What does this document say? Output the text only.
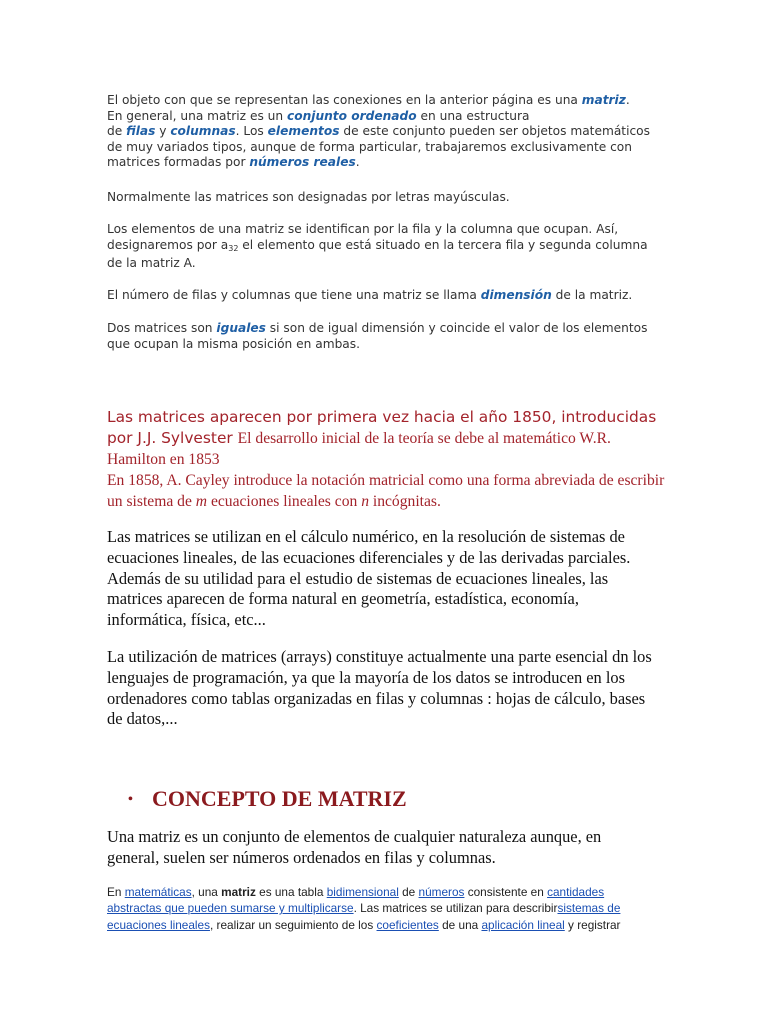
El objeto con que se representan las conexiones en la anterior página es una matriz.
En general, una matriz es un conjunto ordenado en una estructura
de filas y columnas. Los elementos de este conjunto pueden ser objetos matemáticos de muy variados tipos, aunque de forma particular, trabajaremos exclusivamente con matrices formadas por números reales.

Normalmente las matrices son designadas por letras mayúsculas.

Los elementos de una matriz se identifican por la fila y la columna que ocupan. Así, designaremos por $a_{32}$ el elemento que está situado en la tercera fila y segunda columna de la matriz A.

El número de filas y columnas que tiene una matriz se llama dimensión de la matriz.

Dos matrices son iguales si son de igual dimensión y coincide el valor de los elementos que ocupan la misma posición en ambas.

Las matrices aparecen por primera vez hacia el año 1850, introducidas por J.J. Sylvester El desarrollo inicial de la teoría se debe al matemático W.R. Hamilton en 1853
En 1858, A. Cayley introduce la notación matricial como una forma abreviada de escribir un sistema de m ecuaciones lineales con n incógnitas.

Las matrices se utilizan en el cálculo numérico, en la resolución de sistemas de ecuaciones lineales, de las ecuaciones diferenciales y de las derivadas parciales. Además de su utilidad para el estudio de sistemas de ecuaciones lineales, las matrices aparecen de forma natural en geometría, estadística, economía, informática, física, etc...

La utilización de matrices (arrays) constituye actualmente una parte esencial dn los lenguajes de programación, ya que la mayoría de los datos se introducen en los ordenadores como tablas organizadas en filas y columnas : hojas de cálculo, bases de datos,...

• CONCEPTO DE MATRIZ

Una matriz es un conjunto de elementos de cualquier naturaleza aunque, en general, suelen ser números ordenados en filas y columnas.

En matemáticas, una matriz es una tabla bidimensional de números consistente en cantidades abstractas que pueden sumarse y multiplicarse. Las matrices se utilizan para describirsistemas de ecuaciones lineales, realizar un seguimiento de los coeficientes de una aplicación lineal y registrar
